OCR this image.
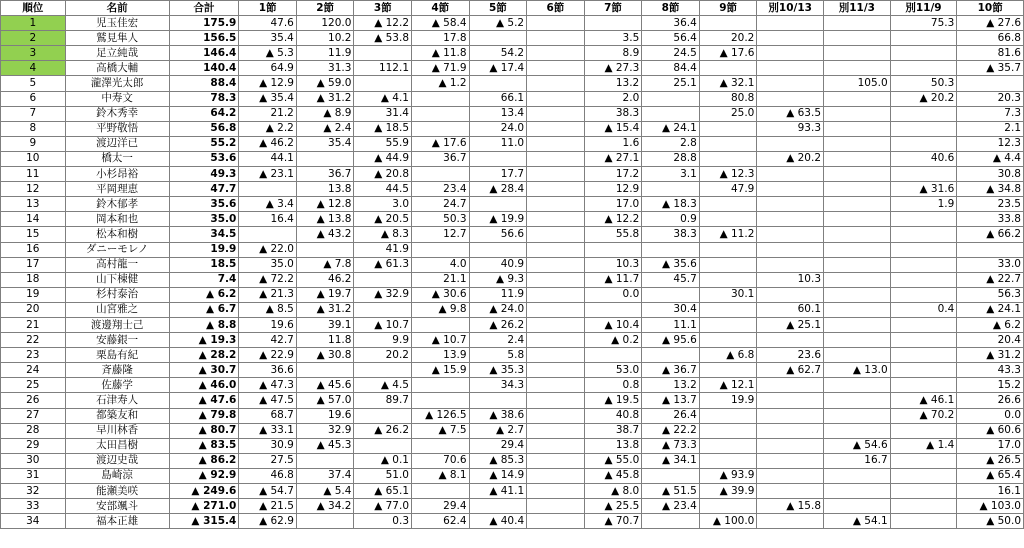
順位	名前	合計	1節	2節	3節	4節	5節	6節	7節	8節	9節	別10/13	別11/3	別11/9	10節
1	児玉佳宏	175.9	47.6	120.0	▲ 12.2	▲ 58.4	▲ 5.2			36.4				75.3	▲ 27.6
2	鷲見隼人	156.5	35.4	10.2	▲ 53.8	17.8			3.5	56.4	20.2				66.8
3	足立純哉	146.4	▲ 5.3	11.9		▲ 11.8	54.2		8.9	24.5	▲ 17.6				81.6
4	高橋大輔	140.4	64.9	31.3	112.1	▲ 71.9	▲ 17.4		▲ 27.3	84.4					▲ 35.7
5	瀧澤光太郎	88.4	▲ 12.9	▲ 59.0		▲ 1.2			13.2	25.1	▲ 32.1		105.0	50.3	
6	中寿文	78.3	▲ 35.4	▲ 31.2	▲ 4.1		66.1		2.0		80.8			▲ 20.2	20.3
7	鈴木秀幸	64.2	21.2	▲ 8.9	31.4		13.4		38.3		25.0	▲ 63.5			7.3
8	平野敬悟	56.8	▲ 2.2	▲ 2.4	▲ 18.5		24.0		▲ 15.4	▲ 24.1		93.3			2.1
9	渡辺洋已	55.2	▲ 46.2	35.4	55.9	▲ 17.6	11.0		1.6	2.8					12.3
10	橋太一	53.6	44.1		▲ 44.9	36.7			▲ 27.1	28.8		▲ 20.2		40.6	▲ 4.4
11	小杉昂裕	49.3	▲ 23.1	36.7	▲ 20.8		17.7		17.2	3.1	▲ 12.3				30.8
12	平岡理恵	47.7		13.8	44.5	23.4	▲ 28.4		12.9		47.9			▲ 31.6	▲ 34.8
13	鈴木郁孝	35.6	▲ 3.4	▲ 12.8	3.0	24.7			17.0	▲ 18.3				1.9	23.5
14	岡本和也	35.0	16.4	▲ 13.8	▲ 20.5	50.3	▲ 19.9		▲ 12.2	0.9					33.8
15	松本和樹	34.5		▲ 43.2	▲ 8.3	12.7	56.6		55.8	38.3	▲ 11.2				▲ 66.2
16	ダニーモレノ	19.9	▲ 22.0		41.9										
17	高村龍一	18.5	35.0	▲ 7.8	▲ 61.3	4.0	40.9		10.3	▲ 35.6					33.0
18	山下棟健	7.4	▲ 72.2	46.2		21.1	▲ 9.3		▲ 11.7	45.7		10.3			▲ 22.7
19	杉村泰治	▲ 6.2	▲ 21.3	▲ 19.7	▲ 32.9	▲ 30.6	11.9		0.0		30.1				56.3
20	山宮雅之	▲ 6.7	▲ 8.5	▲ 31.2		▲ 9.8	▲ 24.0			30.4		60.1		0.4	▲ 24.1
21	渡邊翔士己	▲ 8.8	19.6	39.1	▲ 10.7		▲ 26.2		▲ 10.4	11.1		▲ 25.1			▲ 6.2
22	安藤銀一	▲ 19.3	42.7	11.8	9.9	▲ 10.7	2.4		▲ 0.2	▲ 95.6					20.4
23	栗島有紀	▲ 28.2	▲ 22.9	▲ 30.8	20.2	13.9	5.8				▲ 6.8	23.6			▲ 31.2
24	斉藤隆	▲ 30.7	36.6			▲ 15.9	▲ 35.3		53.0	▲ 36.7		▲ 62.7	▲ 13.0		43.3
25	佐藤学	▲ 46.0	▲ 47.3	▲ 45.6	▲ 4.5		34.3		0.8	13.2	▲ 12.1				15.2
26	石津寿人	▲ 47.6	▲ 47.5	▲ 57.0	89.7				▲ 19.5	▲ 13.7	19.9			▲ 46.1	26.6
27	都築友和	▲ 79.8	68.7	19.6		▲ 126.5	▲ 38.6		40.8	26.4				▲ 70.2	0.0
28	早川林香	▲ 80.7	▲ 33.1	32.9	▲ 26.2	▲ 7.5	▲ 2.7		38.7	▲ 22.2					▲ 60.6
29	太田昌樹	▲ 83.5	30.9	▲ 45.3			29.4		13.8	▲ 73.3			▲ 54.6	▲ 1.4	17.0
30	渡辺史哉	▲ 86.2	27.5		▲ 0.1	70.6	▲ 85.3		▲ 55.0	▲ 34.1			16.7		▲ 26.5
31	島崎涼	▲ 92.9	46.8	37.4	51.0	▲ 8.1	▲ 14.9		▲ 45.8		▲ 93.9				▲ 65.4
32	能瀬美咲	▲ 249.6	▲ 54.7	▲ 5.4	▲ 65.1		▲ 41.1		▲ 8.0	▲ 51.5	▲ 39.9				16.1
33	安部颯斗	▲ 271.0	▲ 21.5	▲ 34.2	▲ 77.0	29.4			▲ 25.5	▲ 23.4		▲ 15.8			▲ 103.0
34	福本正雄	▲ 315.4	▲ 62.9		0.3	62.4	▲ 40.4		▲ 70.7		▲ 100.0		▲ 54.1		▲ 50.0
